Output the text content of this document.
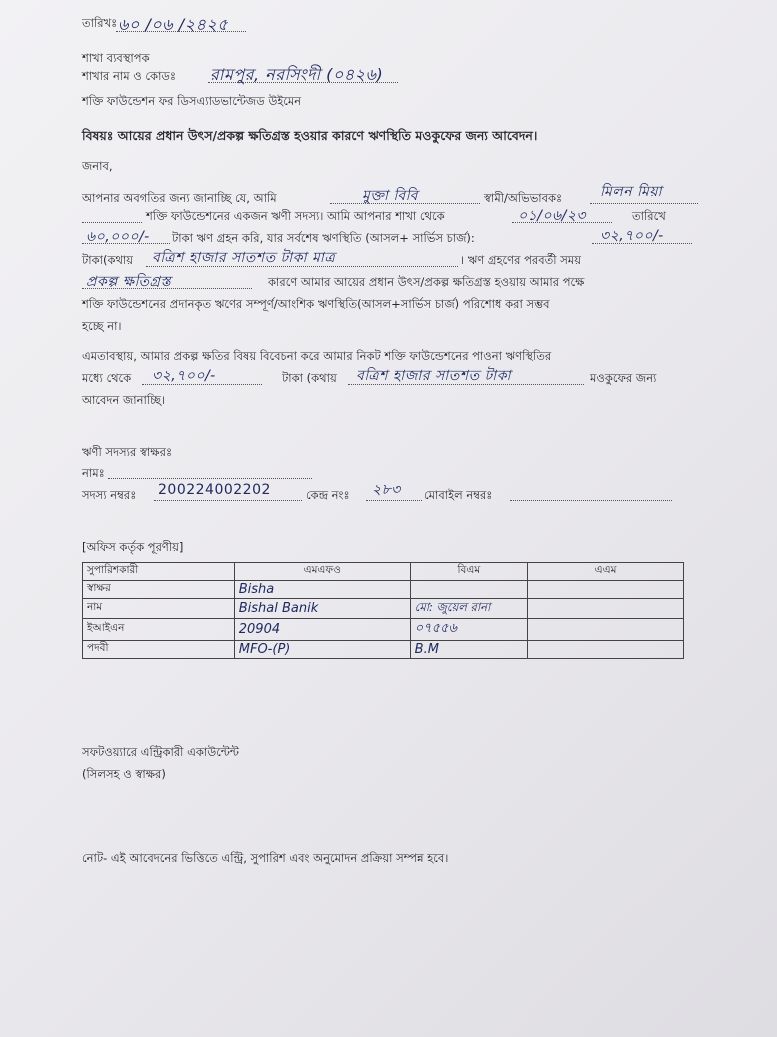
তারিখঃ ৬০ /০৬ /২৪২৫
শাখা ব্যবস্থাপক
শাখার নাম ও কোডঃ রামপুর, নরসিংদী (০৪২৬)
শক্তি ফাউন্ডেশন ফর ডিসএ্যাডভান্টেজড উইমেন
বিষয়ঃ আয়ের প্রধান উৎস/প্রকল্প ক্ষতিগ্রস্ত হওয়ার কারণে ঋণস্থিতি মওকুফের জন্য আবেদন।
জনাব,
আপনার অবগতির জন্য জানাচ্ছি যে, আমি	মুক্তা বিবি	স্বামী/অভিভাবকঃ	মিলন মিয়া
শক্তি ফাউন্ডেশনের একজন ঋণী সদস্য। আমি আপনার শাখা থেকে	০১/০৬/২৩	তারিখে
৬০,০০০/- টাকা ঋণ গ্রহন করি, যার সর্বশেষ ঋণস্থিতি (আসল+ সার্ভিস চার্জ):	৩২,৭০০/-
টাকা(কথায় বত্রিশ হাজার সাতশত টাকা মাত্র	। ঋণ গ্রহণের পরবর্তী সময়
প্রকল্প ক্ষতিগ্রস্ত	কারণে আমার আয়ের প্রধান উৎস/প্রকল্প ক্ষতিগ্রস্ত হওয়ায় আমার পক্ষে
শক্তি ফাউন্ডেশনের প্রদানকৃত ঋণের সম্পূর্ণ/আংশিক ঋণস্থিতি(আসল+সার্ভিস চার্জ) পরিশোধ করা সম্ভব
হচ্ছে না।
এমতাবস্থায়, আমার প্রকল্প ক্ষতির বিষয় বিবেচনা করে আমার নিকট শক্তি ফাউন্ডেশনের পাওনা ঋণস্থিতির
মধ্যে থেকে ৩২,৭০০/-	টাকা (কথায় বত্রিশ হাজার সাতশত টাকা	মওকুফের জন্য
আবেদন জানাচ্ছি।
ঋণী সদস্যর স্বাক্ষরঃ
নামঃ
সদস্য নম্বরঃ 200224002202	কেন্দ্র নংঃ ২৮৩ মোবাইল নম্বরঃ
[অফিস কর্তৃক পূরণীয়]
সুপারিশকারী	এমএফও	বিএম	এএম
স্বাক্ষর	Bisha		
নাম	Bishal Banik	মো: জুয়েল রানা	
ইআইএন	20904	০৭৫৫৬	
পদবী	MFO-(P)	B.M	
সফটওয়্যারে এন্ট্রিকারী একাউন্টেন্ট
(সিলসহ ও স্বাক্ষর)
নোট- এই আবেদনের ভিত্তিতে এন্ট্রি, সুপারিশ এবং অনুমোদন প্রক্রিয়া সম্পন্ন হবে।
